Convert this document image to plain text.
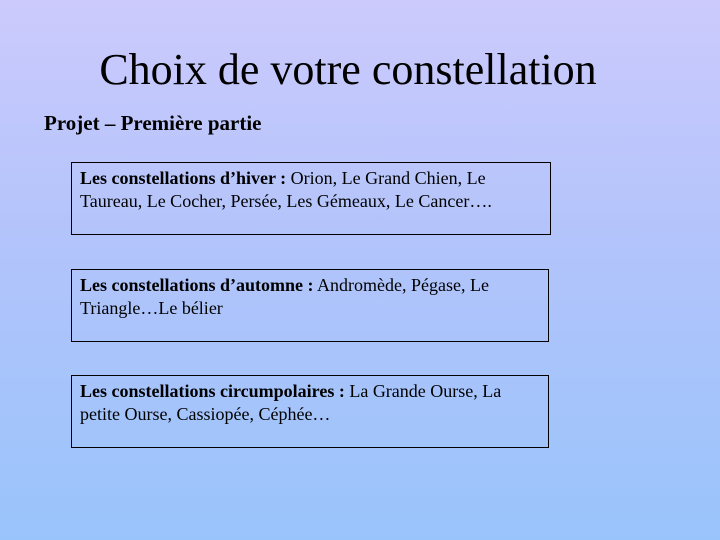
Choix de votre constellation
Projet – Première partie
Les constellations d’hiver : Orion, Le Grand Chien, Le Taureau, Le Cocher, Persée, Les Gémeaux, Le Cancer….
Les constellations d’automne : Andromède, Pégase, Le Triangle…Le bélier
Les constellations circumpolaires : La Grande Ourse, La petite Ourse, Cassiopée, Céphée…
